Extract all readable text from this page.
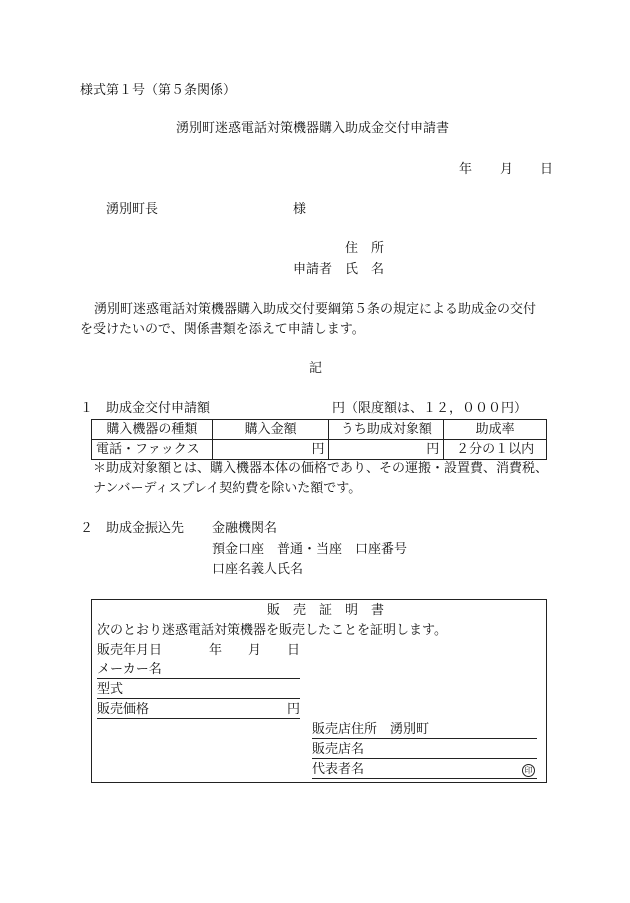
様式第１号（第５条関係）
湧別町迷惑電話対策機器購入助成金交付申請書
年 月 日
湧別町長	様
住　所
申請者 氏　名
湧別町迷惑電話対策機器購入助成交付要綱第５条の規定による助成金の交付
を受けたいので、関係書類を添えて申請します。
記
１　助成金交付申請額	円（限度額は、１２，０００円）
購入機器の種類	購入金額	うち助成対象額	助成率
電話・ファックス	円	円	２分の１以内
＊助成対象額とは、購入機器本体の価格であり、その運搬・設置費、消費税、
ナンバーディスプレイ契約費を除いた額です。
２　助成金振込先 金融機関名
預金口座　普通・当座　口座番号
口座名義人氏名
販　売　証　明　書
次のとおり迷惑電話対策機器を販売したことを証明します。
販売年月日	年 月 日
メーカー名
型式
販売価格	円
販売店住所　湧別町
販売店名
代表者名	印
